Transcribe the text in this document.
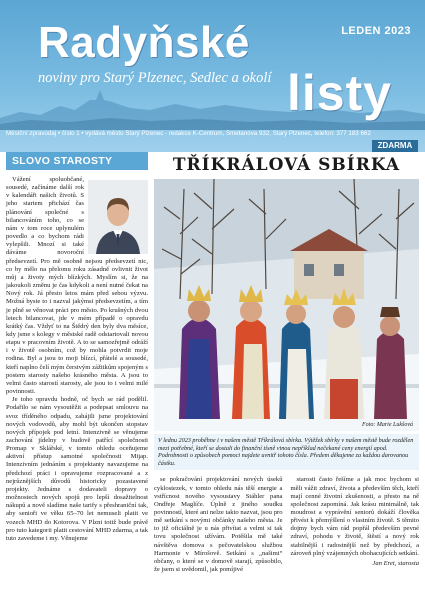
Radyňské
noviny pro Starý Plzenec, Sedlec a okolí listy
LEDEN 2023
Měsíční zpravodaj • číslo 1 • vydává město Starý Plzenec - redakce K-Centrum, Smetanova 932, Starý Plzenec, telefon: 377 183 662
ZDARMA
SLOVO STAROSTY

Vážení spoluobčané, sousedé, začínáme další rok v kalendáři našich životů. S jeho startem přichází čas plánování společné s bilancováním toho, co se nám v tom roce uplynulém povedlo a co bychom rádi vylepšili. Mnozí si také dáváme novoroční předsevzetí. Pro mě osobně nejsou předsevzetí nic, co by mělo na přelomu roku zásadně ovlivnit život můj a životy mých blízkých. Myslím si, že na jakoukoli změnu je čas kdykoli a není nutné čekat na Nový rok. Já přesto letos mám před sebou výzvu. Možná byste to i nazval jakýmsi předsevzetím, a tím je plně se věnovat práci pro město. Po krušných dvou letech bilancovat, jde v mém případě o opravdu krátký čas. Vždyť to na Štědrý den byly dva měsíce, kdy jsme s kolegy v městské radě odstartovali novou etapu v pracovním životě. A to se samozřejmě odráží i v životě osobním, což by mohla potvrdit moje rodina. Byl a jsou to moji blízcí, přátelé a sousedé, kteří naplno čelí mým čerstvým zážitkům spojeným s postem starosty našeho krásného města. A jsou to velmi často starostí starosty, ale jsou to i velmi milé povinnosti.

Je toho opravdu hodně, oč bych se rád podělil. Podařilo se nám vysoutěžit a podepsat smlouvu na svoz tříděného odpadu, zahájili jsme projektování nových vodovodů, aby mohl být ukončen stopstav nových přípojek pod letní. Intenzivně se věnujeme zachování jídelny v budově patřící společnosti Promap v Sklářské, v tomto ohledu oceňujeme aktivní přístup samotné společnosti Mijap. Intenzivním jednáním s projektanty navazujeme na předchozí práci i opravujeme rozpracované a z nejrůznějších důvodů historicky pozastavené projekty. Jednáme s dodavateli dopravy o možnostech nových spojů pro lepší dosažitelnost nákupů a nově sladíme naše tarify s přeshraniční tak, aby senioři ve věku 65–70 let nemuseli platit ve vozech MHD do Kotorova. V Plzni totiž bude právě pro tuto kategorii platit cestování MHD zdarma, a tak tuto zavedeme i my. Věnujeme

TŘÍKRÁLOVÁ SBÍRKA
Foto: Marie Lukšová
V lednu 2023 proběhne i v našem městě Tříkrálová sbírka. Výtěžek sbírky v našem městě bude rozdělen mezi potřebné, kteří se dostali do finanční tísně vinou nepříklad nečekané ceny energií apod. Podrobnosti o způsobech pomoci najdete uvnitř tohoto čísla. Předem děkujeme za každou darovanou částku.

se pokračování projektování nových úseků cyklostezek, v tomto ohledu nás těší energie a vstřícnost nového vysoustavy Stáhler pana Ondřeje Maglíče. Úplně z jiného soudku povinností, které ani nelze takto nazvat, jsou pro mě setkání s novými občánky našeho města. Je to již oficiálně je u nás přivítat a velmi si tak tovu společnost užívám. Potěšila mě také návštěva domova s pečovatelskou službou Harmonie v Mírošově. Setkání s „našimi“ občany, o které se v domově starají, způsobilo, že jsem si uvědomil, jak pomíjivé

starosti často řešíme a jak moc bychom si měli vážit zdraví, života a především těch, kteří mají cenné životní zkušenosti, a přesto na ně společnost zapomíná. Jak krásu minimálně, tak moudrost a vyprávění seniorů dokáží člověka přivést k přemýšlení o vlastním životě. S těmito dojmy bych vám rád popřál především pevné zdraví, pohodu v životě, štěstí a nový rok stabilnější i radostnější než by předchozí, a zároveň plný vzájemných obohacujících setkání.

Jan Eret, starosta
